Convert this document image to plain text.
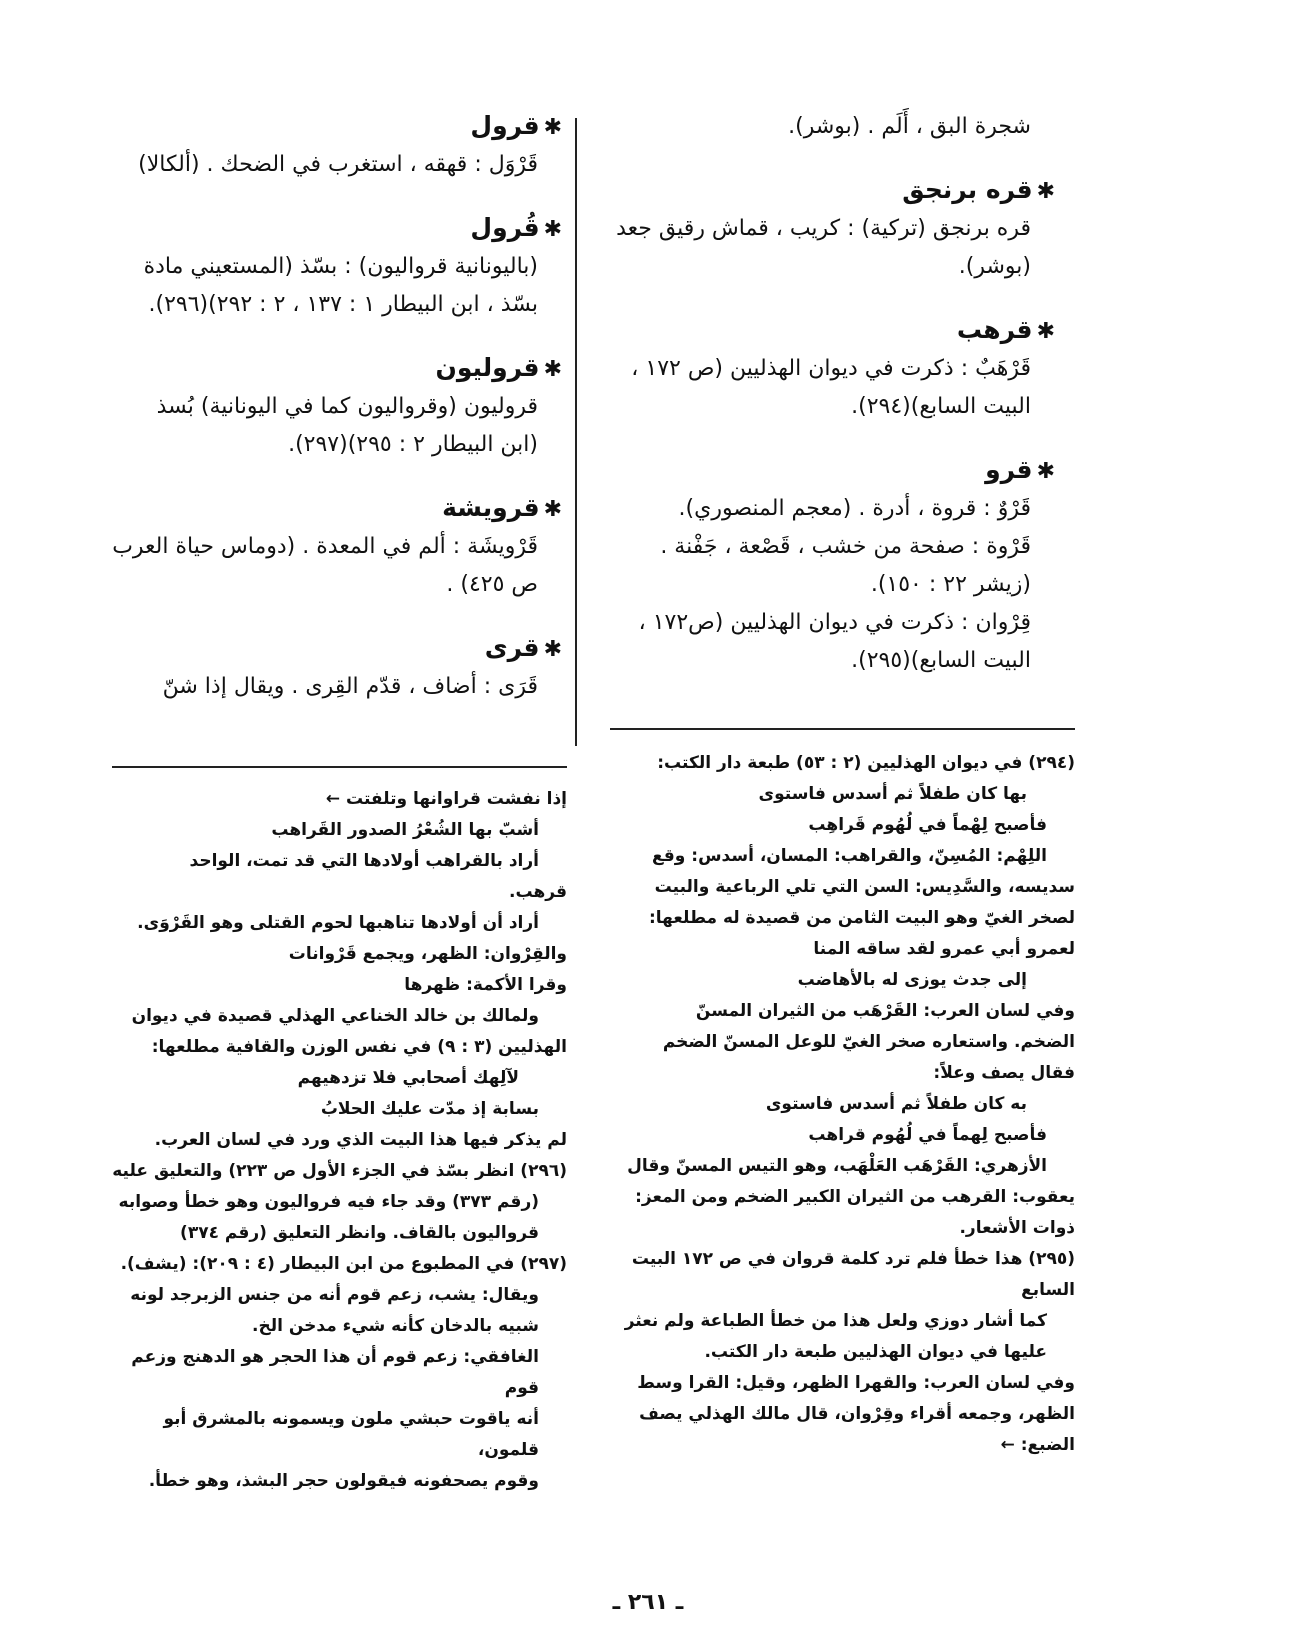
شجرة البق ، أَلَم . (بوشر).
✱قره برنجق
قره برنجق (تركية) : كريب ، قماش رقيق جعد
(بوشر).
✱قرهب
قَرْهَبٌ : ذكرت في ديوان الهذليين (ص ١٧٢ ،
البيت السابع)(٢٩٤).
✱قرو
قَرْوٌ : قروة ، أدرة . (معجم المنصوري).
قَرْوة : صفحة من خشب ، قَصْعة ، جَفْنة .
(زيشر ٢٢ : ١٥٠).
قِرْوان : ذكرت في ديوان الهذليين (ص١٧٢ ،
البيت السابع)(٢٩٥).
✱قرول
قَرْوَل : قهقه ، استغرب في الضحك . (ألكالا)
✱قُرول
(باليونانية قروالیون) : بسّذ (المستعيني مادة
بسّذ ، ابن البيطار ١ : ١٣٧ ، ٢ : ٢٩٢)(٢٩٦).
✱قروليون
قروليون (وقرواليون كما في اليونانية) بُسذ
(ابن البيطار ٢ : ٢٩٥)(٢٩٧).
✱قرويشة
قَرْويشَة : ألم في المعدة . (دوماس حياة العرب
ص ٤٢٥) .
✱قرى
قَرَى : أضاف ، قدّم القِرى . ويقال إذا شنّ

(٢٩٤) في ديوان الهذليين (٢ : ٥٣) طبعة دار الكتب:

بها كان طفلاً ثم أسدس فاستوى

فأصبح لِهْماً في لُهُوم قَراهِب

اللِهْم: المُسِنّ، والقراهب: المسان، أسدس: وقع

سديسه، والسَّدِيس: السن التي تلي الرباعية والبيت

لصخر الغيّ وهو البيت الثامن من قصيدة له مطلعها:

لعمرو أبي عمرو لقد ساقه المنا

إلى جدث يوزى له بالأهاضب

وفي لسان العرب: القَرْهَب من الثيران المسنّ

الضخم. واستعاره صخر الغيّ للوعل المسنّ الضخم

فقال يصف وعلاً:

به كان طفلاً ثم أسدس فاستوى

فأصبح لِهماً في لُهُوم قراهب

الأزهري: القَرْهَب العَلْهَب، وهو التيس المسنّ وقال

يعقوب: القرهب من الثيران الكبير الضخم ومن المعز:

ذوات الأشعار.

(٢٩٥) هذا خطأ فلم ترد كلمة قروان في ص ١٧٢ البيت السابع

كما أشار دوزي ولعل هذا من خطأ الطباعة ولم نعثر

عليها في ديوان الهذليين طبعة دار الكتب.

وفي لسان العرب: والقهرا الظهر، وقيل: القرا وسط

الظهر، وجمعه أقراء وقِرْوان، قال مالك الهذلي يصف

الضبع: ←

إذا نفشت قراوانها وتلفتت ←

أشبّ بها الشُعْرُ الصدور القَراهب

أراد بالقراهب أولادها التي قد تمت، الواحد

قرهب.

أراد أن أولادها تناهبها لحوم القتلى وهو القَرْوَى.

والقِرْوان: الظهر، ويجمع قَرْوانات

وقرا الأكمة: ظهرها

ولمالك بن خالد الخناعي الهذلي قصيدة في ديوان

الهذليين (٣ : ٩) في نفس الوزن والقافية مطلعها:

لآلِهك أصحابي فلا تزدهيهم

بسابة إذ مدّت عليك الحلابُ

لم يذكر فيها هذا البيت الذي ورد في لسان العرب.

(٢٩٦) انظر بسّذ في الجزء الأول ص ٢٢٣) والتعليق عليه

(رقم ٣٧٣) وقد جاء فيه فرواليون وهو خطأ وصوابه

قرواليون بالقاف. وانظر التعليق (رقم ٣٧٤)

(٢٩٧) في المطبوع من ابن البيطار (٤ : ٢٠٩): (يشف).

ويقال: يشب، زعم قوم أنه من جنس الزبرجد لونه

شبيه بالدخان كأنه شيء مدخن الخ.

الغافقي: زعم قوم أن هذا الحجر هو الدهنج وزعم قوم

أنه ياقوت حبشي ملون ويسمونه بالمشرق أبو قلمون،

وقوم يصحفونه فيقولون حجر البشذ، وهو خطأ.

ـ ٢٦١ ـ
